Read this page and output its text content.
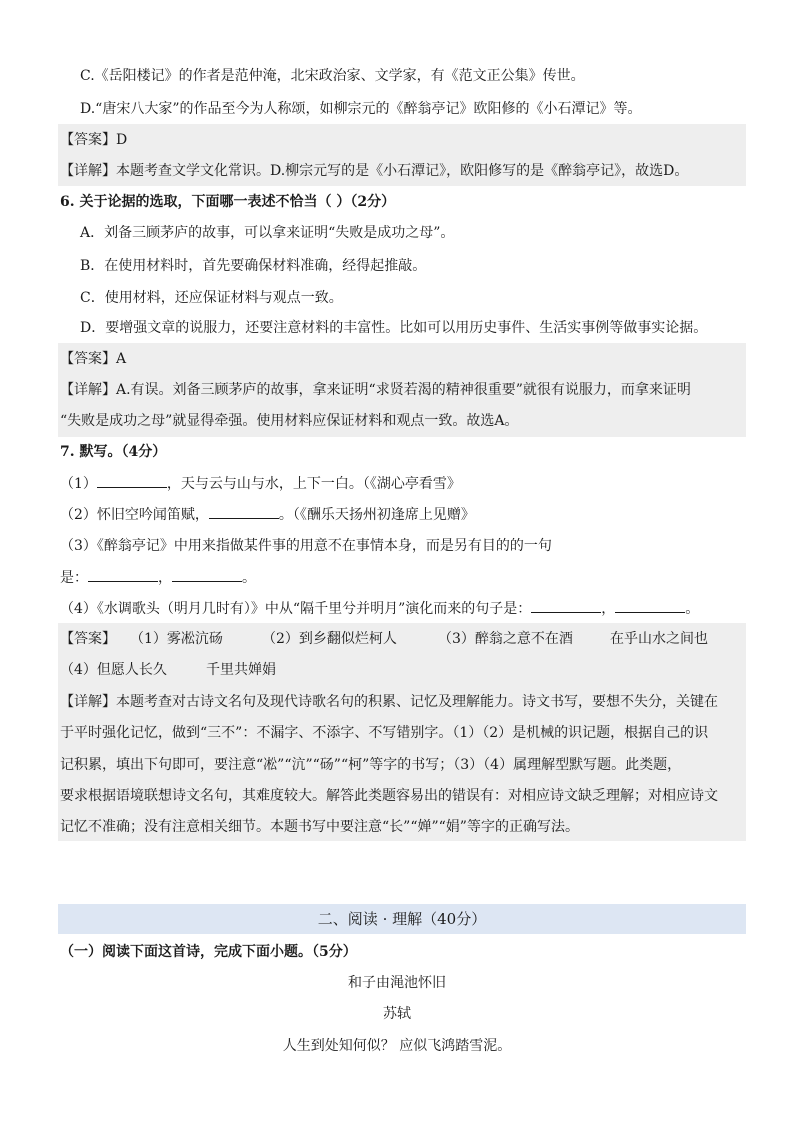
C.《岳阳楼记》的作者是范仲淹，北宋政治家、文学家，有《范文正公集》传世。
D.“唐宋八大家”的作品至今为人称颂，如柳宗元的《醉翁亭记》欧阳修的《小石潭记》等。
【答案】D
【详解】本题考查文学文化常识。D.柳宗元写的是《小石潭记》，欧阳修写的是《醉翁亭记》，故选D。
6. 关于论据的选取，下面哪一表述不恰当（ ）（2分）
A．刘备三顾茅庐的故事，可以拿来证明“失败是成功之母”。
B．在使用材料时，首先要确保材料准确，经得起推敲。
C．使用材料，还应保证材料与观点一致。
D．要增强文章的说服力，还要注意材料的丰富性。比如可以用历史事件、生活实事例等做事实论据。
【答案】A
【详解】A.有误。刘备三顾茅庐的故事，拿来证明“求贤若渴的精神很重要”就很有说服力，而拿来证明
“失败是成功之母”就显得牵强。使用材料应保证材料和观点一致。故选A。
7. 默写。（4分）
（1）	，天与云与山与水，上下一白。（《湖心亭看雪》
（2）怀旧空吟闻笛赋，	。（《酬乐天扬州初逢席上见赠》
（3）《醉翁亭记》中用来指做某件事的用意不在事情本身，而是另有目的的一句
是：	，	。
（4）《水调歌头（明月几时有）》中从“隔千里兮并明月”演化而来的句子是：	，	。
【答案】 （1）雾凇沆砀	（2）到乡翻似烂柯人	（3）醉翁之意不在酒	在乎山水之间也
（4）但愿人长久	千里共婵娟
【详解】本题考查对古诗文名句及现代诗歌名句的积累、记忆及理解能力。诗文书写，要想不失分，关键在
于平时强化记忆，做到“三不”：不漏字、不添字、不写错别字。（1）（2）是机械的识记题，根据自己的识
记积累，填出下句即可，要注意“凇”“沆”“砀”“柯”等字的书写；（3）（4）属理解型默写题。此类题，
要求根据语境联想诗文名句，其难度较大。解答此类题容易出的错误有：对相应诗文缺乏理解；对相应诗文
记忆不准确；没有注意相关细节。本题书写中要注意“长”“婵”“娟”等字的正确写法。
二、阅读 · 理解（40分）
（一）阅读下面这首诗，完成下面小题。（5分）
和子由渑池怀旧
苏轼
人生到处知何似？ 应似飞鸿踏雪泥。
